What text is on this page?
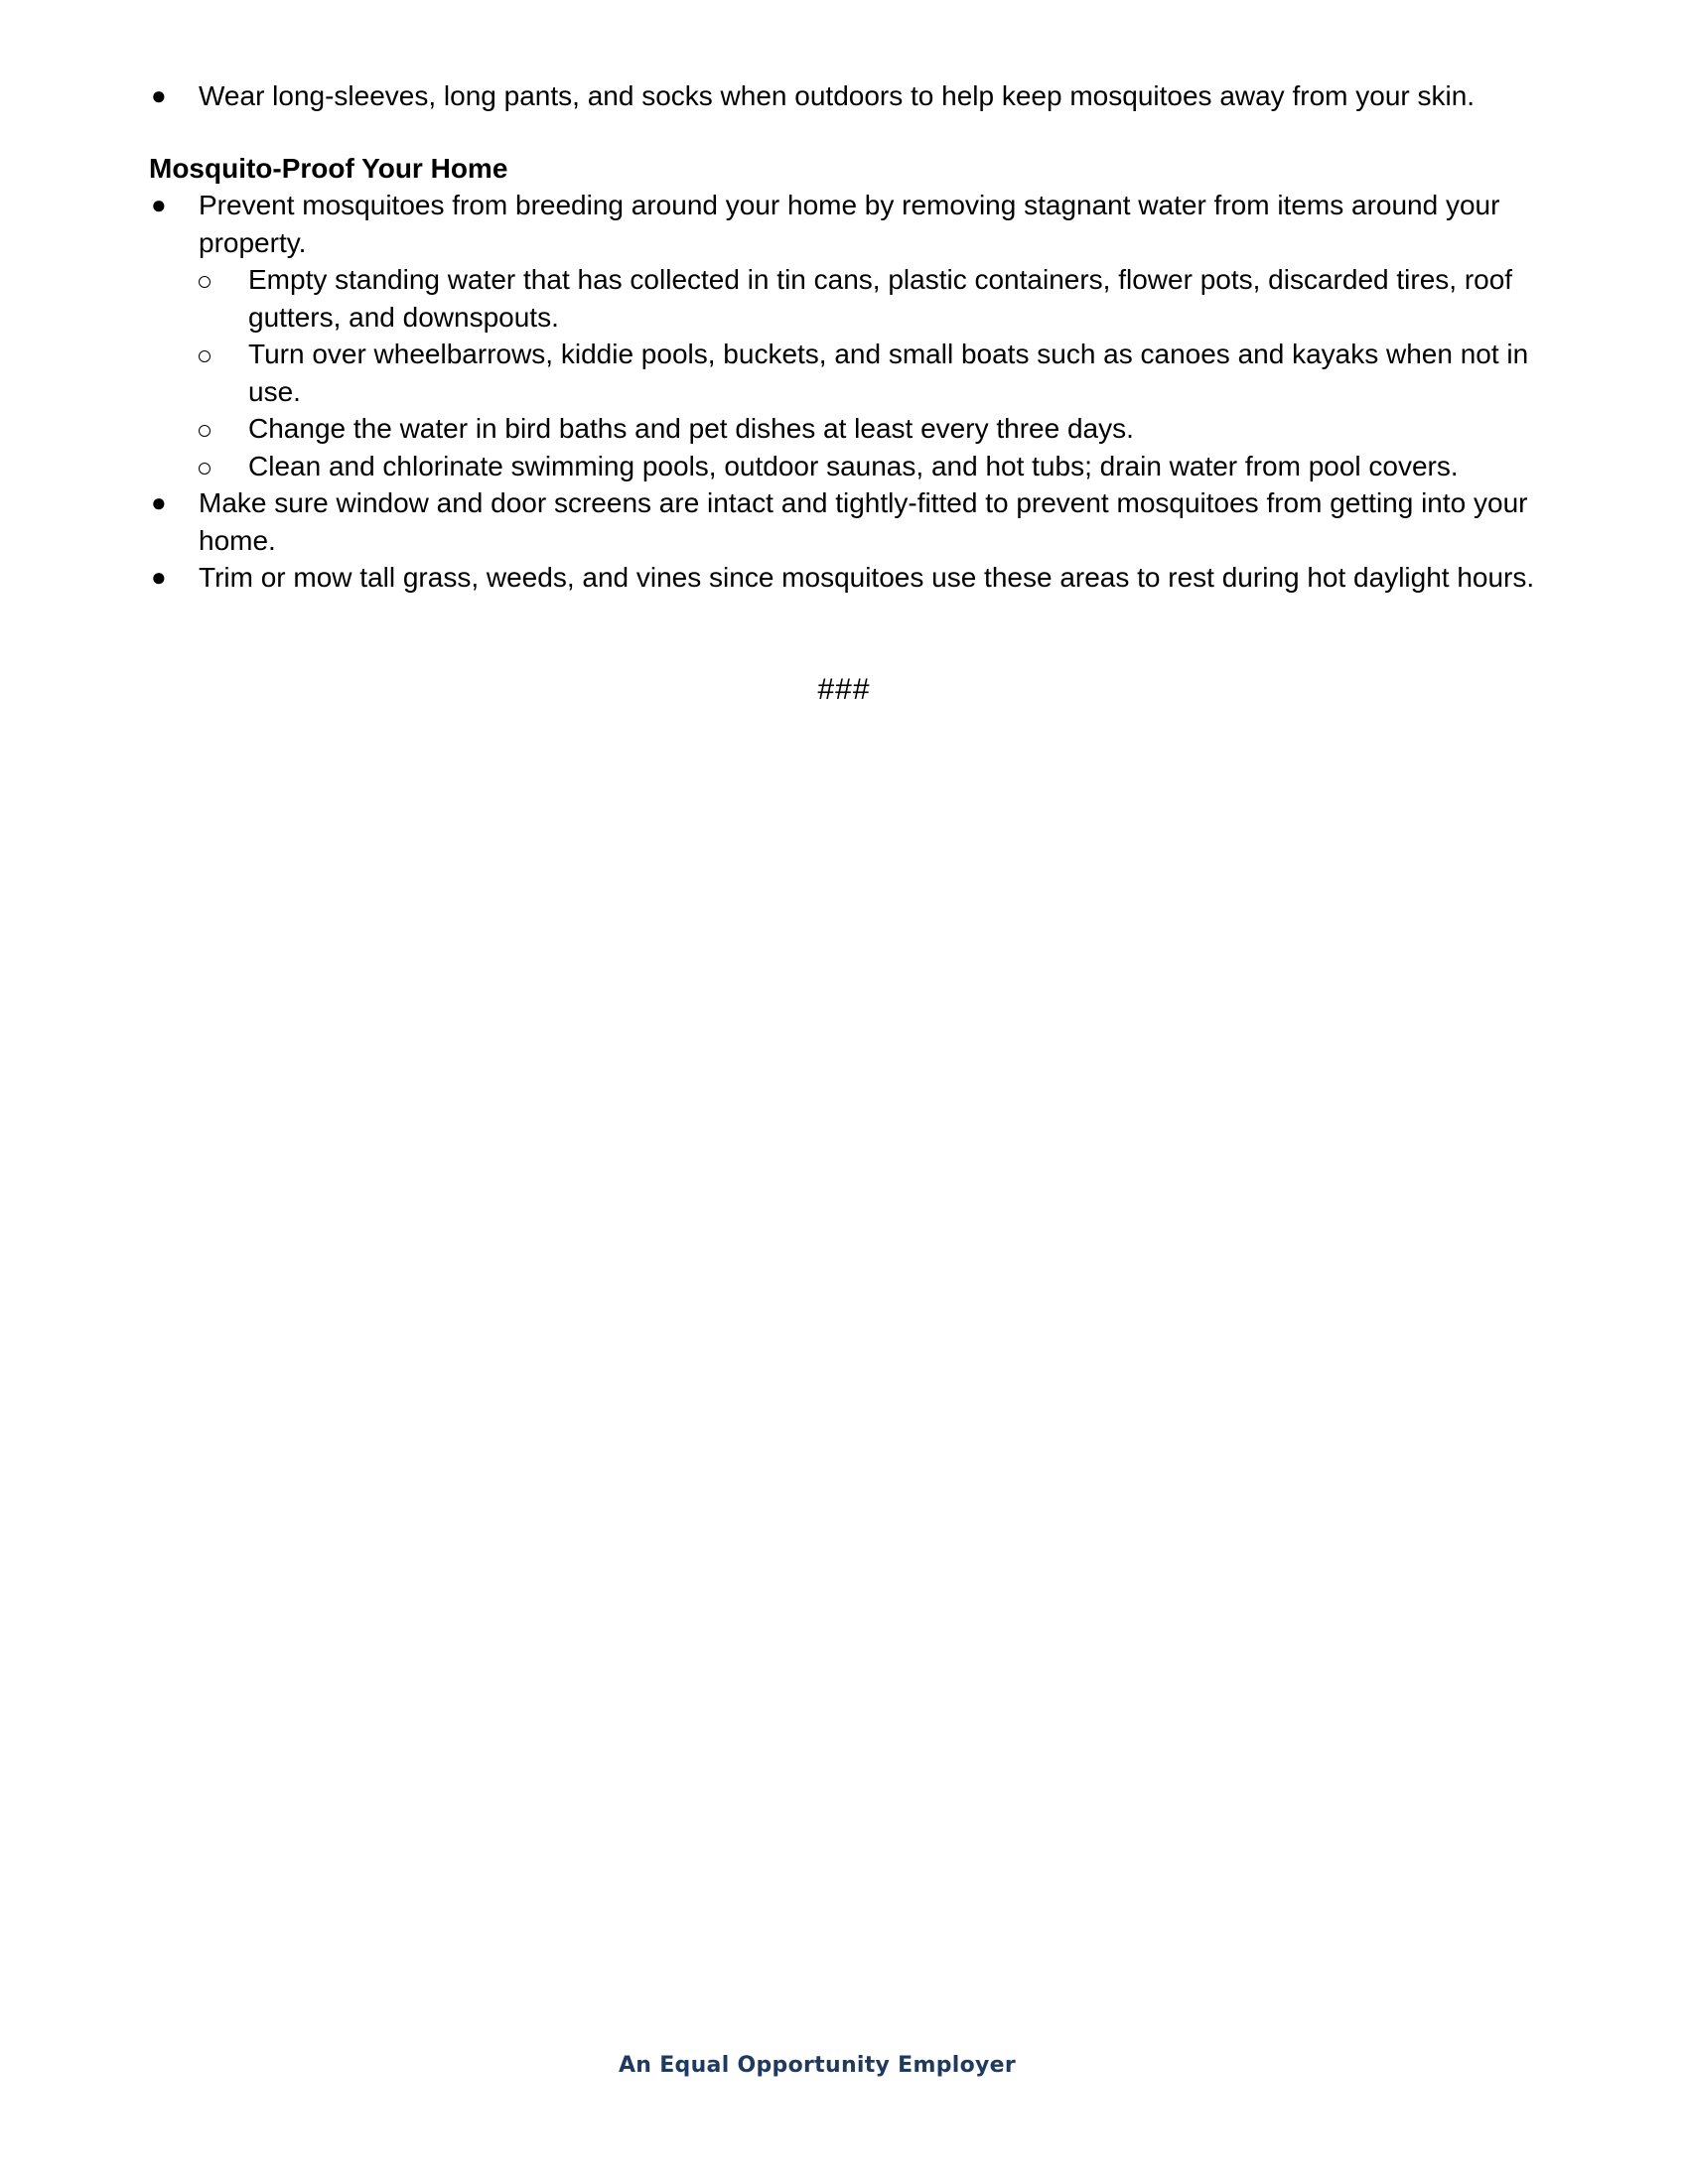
● Wear long-sleeves, long pants, and socks when outdoors to help keep mosquitoes away from your skin.
Mosquito-Proof Your Home
● Prevent mosquitoes from breeding around your home by removing stagnant water from items around your property.
Empty standing water that has collected in tin cans, plastic containers, flower pots, discarded tires, roof gutters, and downspouts.
Turn over wheelbarrows, kiddie pools, buckets, and small boats such as canoes and kayaks when not in use.
Change the water in bird baths and pet dishes at least every three days.
Clean and chlorinate swimming pools, outdoor saunas, and hot tubs; drain water from pool covers.
● Make sure window and door screens are intact and tightly-fitted to prevent mosquitoes from getting into your home.
● Trim or mow tall grass, weeds, and vines since mosquitoes use these areas to rest during hot daylight hours.
###
An Equal Opportunity Employer
